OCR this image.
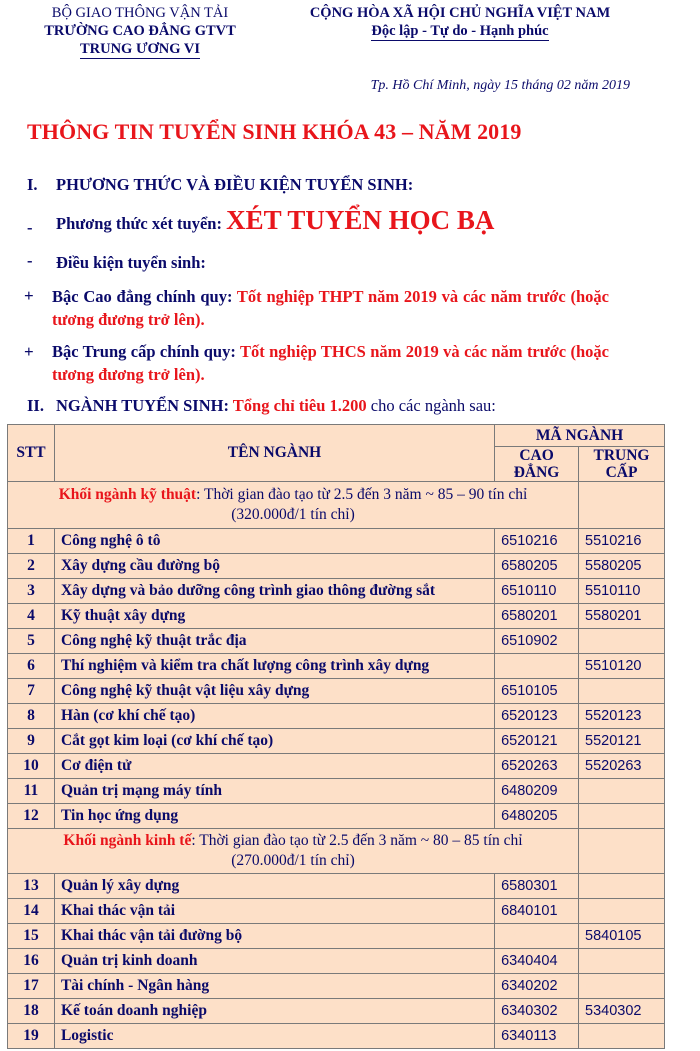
BỘ GIAO THÔNG VẬN TẢI
TRƯỜNG CAO ĐẲNG GTVT
TRUNG ƯƠNG VI
CỘNG HÒA XÃ HỘI CHỦ NGHĨA VIỆT NAM
Độc lập - Tự do - Hạnh phúc
Tp. Hồ Chí Minh, ngày 15 tháng 02 năm 2019
THÔNG TIN TUYỂN SINH KHÓA 43 – NĂM 2019
I. PHƯƠNG THỨC VÀ ĐIỀU KIỆN TUYỂN SINH:
- Phương thức xét tuyển: XÉT TUYỂN HỌC BẠ
- Điều kiện tuyển sinh:
+ Bậc Cao đẳng chính quy: Tốt nghiệp THPT năm 2019 và các năm trước (hoặc tương đương trở lên).
+ Bậc Trung cấp chính quy: Tốt nghiệp THCS năm 2019 và các năm trước (hoặc tương đương trở lên).
II. NGÀNH TUYỂN SINH: Tổng chỉ tiêu 1.200 cho các ngành sau:
STT	TÊN NGÀNH	MÃ NGÀNH	
		CAO ĐẲNG	TRUNG CẤP
Khối ngành kỹ thuật: Thời gian đào tạo từ 2.5 đến 3 năm ~ 85 – 90 tín chỉ
(320.000đ/1 tín chỉ)			
1	Công nghệ ô tô	6510216	5510216
2	Xây dựng cầu đường bộ	6580205	5580205
3	Xây dựng và bảo dưỡng công trình giao thông đường sắt	6510110	5510110
4	Kỹ thuật xây dựng	6580201	5580201
5	Công nghệ kỹ thuật trắc địa	6510902	
6	Thí nghiệm và kiểm tra chất lượng công trình xây dựng		5510120
7	Công nghệ kỹ thuật vật liệu xây dựng	6510105	
8	Hàn (cơ khí chế tạo)	6520123	5520123
9	Cắt gọt kim loại (cơ khí chế tạo)	6520121	5520121
10	Cơ điện tử	6520263	5520263
11	Quản trị mạng máy tính	6480209	
12	Tin học ứng dụng	6480205	
Khối ngành kinh tế: Thời gian đào tạo từ 2.5 đến 3 năm ~ 80 – 85 tín chỉ
(270.000đ/1 tín chỉ)			
13	Quản lý xây dựng	6580301	
14	Khai thác vận tải	6840101	
15	Khai thác vận tải đường bộ		5840105
16	Quản trị kinh doanh	6340404	
17	Tài chính - Ngân hàng	6340202	
18	Kế toán doanh nghiệp	6340302	5340302
19	Logistic	6340113	
